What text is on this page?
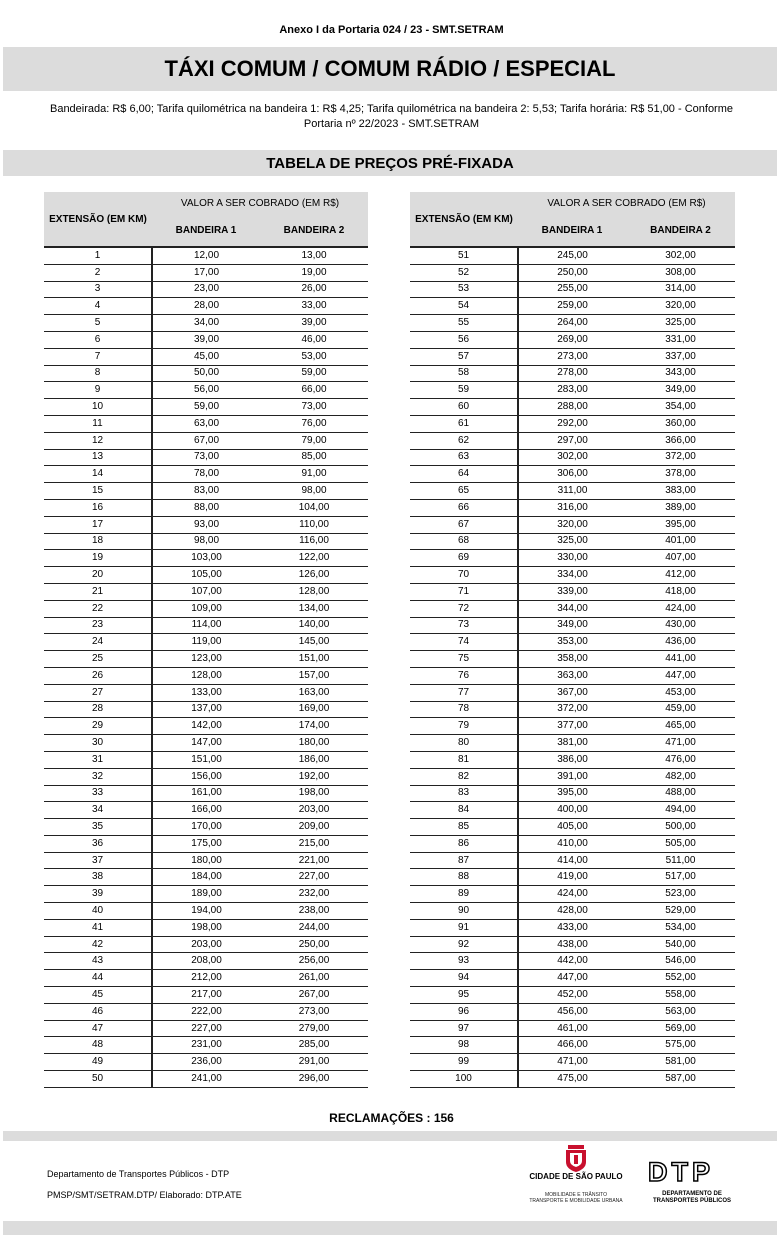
Anexo I da Portaria 024 / 23 - SMT.SETRAM
TÁXI COMUM / COMUM RÁDIO / ESPECIAL
Bandeirada: R$ 6,00; Tarifa quilométrica na bandeira 1: R$ 4,25; Tarifa quilométrica na bandeira 2: 5,53; Tarifa horária: R$ 51,00 - Conforme Portaria nº 22/2023 - SMT.SETRAM
TABELA DE PREÇOS PRÉ-FIXADA
EXTENSÃO (EM KM)	VALOR A SER COBRADO (EM R$)	
	BANDEIRA 1	BANDEIRA 2
1	12,00	13,00
2	17,00	19,00
3	23,00	26,00
4	28,00	33,00
5	34,00	39,00
6	39,00	46,00
7	45,00	53,00
8	50,00	59,00
9	56,00	66,00
10	59,00	73,00
11	63,00	76,00
12	67,00	79,00
13	73,00	85,00
14	78,00	91,00
15	83,00	98,00
16	88,00	104,00
17	93,00	110,00
18	98,00	116,00
19	103,00	122,00
20	105,00	126,00
21	107,00	128,00
22	109,00	134,00
23	114,00	140,00
24	119,00	145,00
25	123,00	151,00
26	128,00	157,00
27	133,00	163,00
28	137,00	169,00
29	142,00	174,00
30	147,00	180,00
31	151,00	186,00
32	156,00	192,00
33	161,00	198,00
34	166,00	203,00
35	170,00	209,00
36	175,00	215,00
37	180,00	221,00
38	184,00	227,00
39	189,00	232,00
40	194,00	238,00
41	198,00	244,00
42	203,00	250,00
43	208,00	256,00
44	212,00	261,00
45	217,00	267,00
46	222,00	273,00
47	227,00	279,00
48	231,00	285,00
49	236,00	291,00
50	241,00	296,00
EXTENSÃO (EM KM)	VALOR A SER COBRADO (EM R$)	
	BANDEIRA 1	BANDEIRA 2
51	245,00	302,00
52	250,00	308,00
53	255,00	314,00
54	259,00	320,00
55	264,00	325,00
56	269,00	331,00
57	273,00	337,00
58	278,00	343,00
59	283,00	349,00
60	288,00	354,00
61	292,00	360,00
62	297,00	366,00
63	302,00	372,00
64	306,00	378,00
65	311,00	383,00
66	316,00	389,00
67	320,00	395,00
68	325,00	401,00
69	330,00	407,00
70	334,00	412,00
71	339,00	418,00
72	344,00	424,00
73	349,00	430,00
74	353,00	436,00
75	358,00	441,00
76	363,00	447,00
77	367,00	453,00
78	372,00	459,00
79	377,00	465,00
80	381,00	471,00
81	386,00	476,00
82	391,00	482,00
83	395,00	488,00
84	400,00	494,00
85	405,00	500,00
86	410,00	505,00
87	414,00	511,00
88	419,00	517,00
89	424,00	523,00
90	428,00	529,00
91	433,00	534,00
92	438,00	540,00
93	442,00	546,00
94	447,00	552,00
95	452,00	558,00
96	456,00	563,00
97	461,00	569,00
98	466,00	575,00
99	471,00	581,00
100	475,00	587,00
RECLAMAÇÕES : 156
Departamento de Transportes Públicos - DTP
PMSP/SMT/SETRAM.DTP/ Elaborado: DTP.ATE
CIDADE DE SÃO PAULO
MOBILIDADE E TRÂNSITO TRANSPORTE E MOBILIDADE URBANA
DTP
DEPARTAMENTO DE TRANSPORTES PÚBLICOS
